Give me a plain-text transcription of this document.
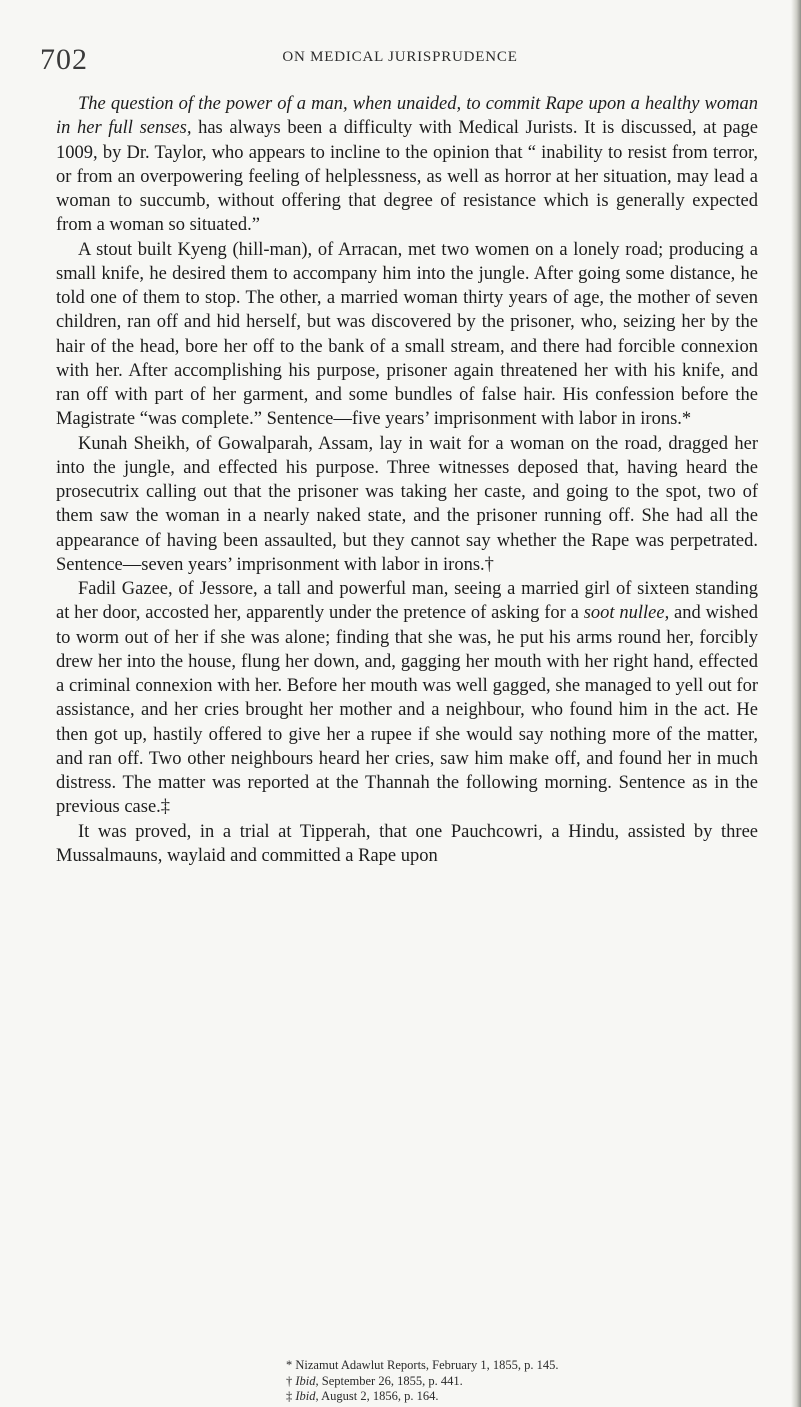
702	ON MEDICAL JURISPRUDENCE

The question of the power of a man, when unaided, to commit Rape upon a healthy woman in her full senses, has always been a difficulty with Medical Jurists. It is discussed, at page 1009, by Dr. Taylor, who appears to incline to the opinion that “ inability to resist from terror, or from an overpowering feeling of helplessness, as well as horror at her situation, may lead a woman to succumb, without offering that degree of resistance which is generally expected from a woman so situated.”

A stout built Kyeng (hill-man), of Arracan, met two women on a lonely road; producing a small knife, he desired them to accompany him into the jungle. After going some distance, he told one of them to stop. The other, a married woman thirty years of age, the mother of seven children, ran off and hid herself, but was discovered by the prisoner, who, seizing her by the hair of the head, bore her off to the bank of a small stream, and there had forcible connexion with her. After accomplishing his purpose, prisoner again threatened her with his knife, and ran off with part of her garment, and some bundles of false hair. His confession before the Magistrate “was complete.” Sentence—five years’ imprisonment with labor in irons.*

Kunah Sheikh, of Gowalparah, Assam, lay in wait for a woman on the road, dragged her into the jungle, and effected his purpose. Three witnesses deposed that, having heard the prosecutrix calling out that the prisoner was taking her caste, and going to the spot, two of them saw the woman in a nearly naked state, and the prisoner running off. She had all the appearance of having been assaulted, but they cannot say whether the Rape was perpetrated. Sentence—seven years’ imprisonment with labor in irons.†

Fadil Gazee, of Jessore, a tall and powerful man, seeing a married girl of sixteen standing at her door, accosted her, apparently under the pretence of asking for a soot nullee, and wished to worm out of her if she was alone; finding that she was, he put his arms round her, forcibly drew her into the house, flung her down, and, gagging her mouth with her right hand, effected a criminal connexion with her. Before her mouth was well gagged, she managed to yell out for assistance, and her cries brought her mother and a neighbour, who found him in the act. He then got up, hastily offered to give her a rupee if she would say nothing more of the matter, and ran off. Two other neighbours heard her cries, saw him make off, and found her in much distress. The matter was reported at the Thannah the following morning. Sentence as in the previous case.‡

It was proved, in a trial at Tipperah, that one Pauchcowri, a Hindu, assisted by three Mussalmauns, waylaid and committed a Rape upon

* Nizamut Adawlut Reports, February 1, 1855, p. 145.
† Ibid, September 26, 1855, p. 441.
‡ Ibid, August 2, 1856, p. 164.
